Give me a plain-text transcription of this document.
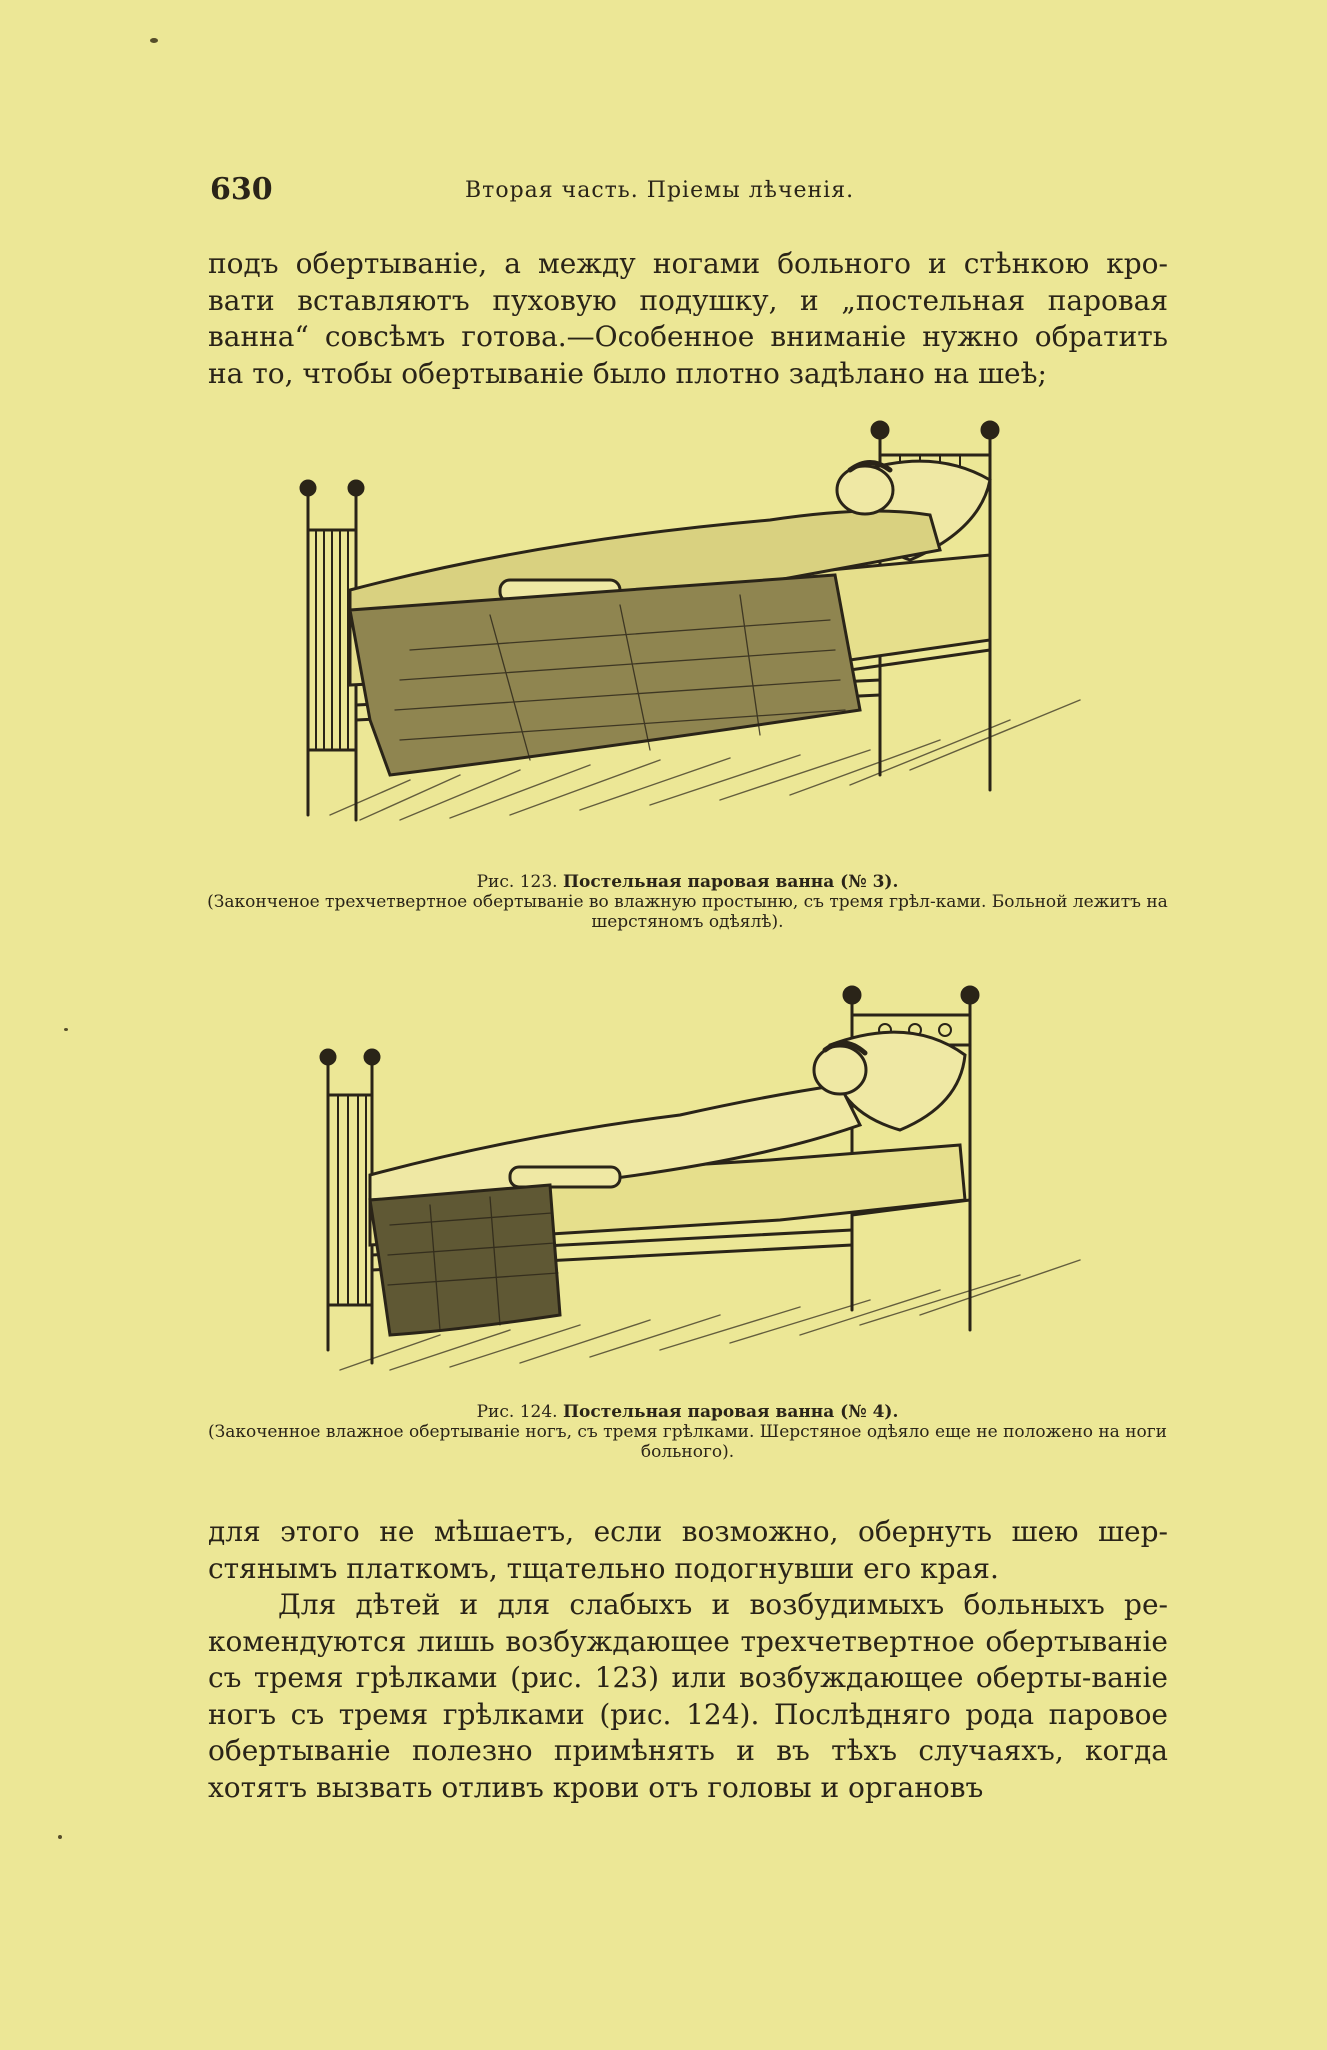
630	Вторая часть. Пріемы лѣченія.

подъ обертываніе, а между ногами больного и стѣнкою кро-вати вставляютъ пуховую подушку, и „постельная паровая ванна“ совсѣмъ готова.—Особенное вниманіе нужно обратить на то, чтобы обертываніе было плотно задѣлано на шеѣ;

Рис. 123. Постельная паровая ванна (№ 3).
(Законченое трехчетвертное обертываніе во влажную простыню, съ тремя грѣл-ками. Больной лежитъ на шерстяномъ одѣялѣ).
Рис. 124. Постельная паровая ванна (№ 4).
(Закоченное влажное обертываніе ногъ, съ тремя грѣлками. Шерстяное одѣяло еще не положено на ноги больного).

для этого не мѣшаетъ, если возможно, обернуть шею шер-стянымъ платкомъ, тщательно подогнувши его края.

Для дѣтей и для слабыхъ и возбудимыхъ больныхъ ре-комендуются лишь возбуждающее трехчетвертное обертываніе съ тремя грѣлками (рис. 123) или возбуждающее оберты-ваніе ногъ съ тремя грѣлками (рис. 124). Послѣдняго рода паровое обертываніе полезно примѣнять и въ тѣхъ случаяхъ, когда хотятъ вызвать отливъ крови отъ головы и органовъ
